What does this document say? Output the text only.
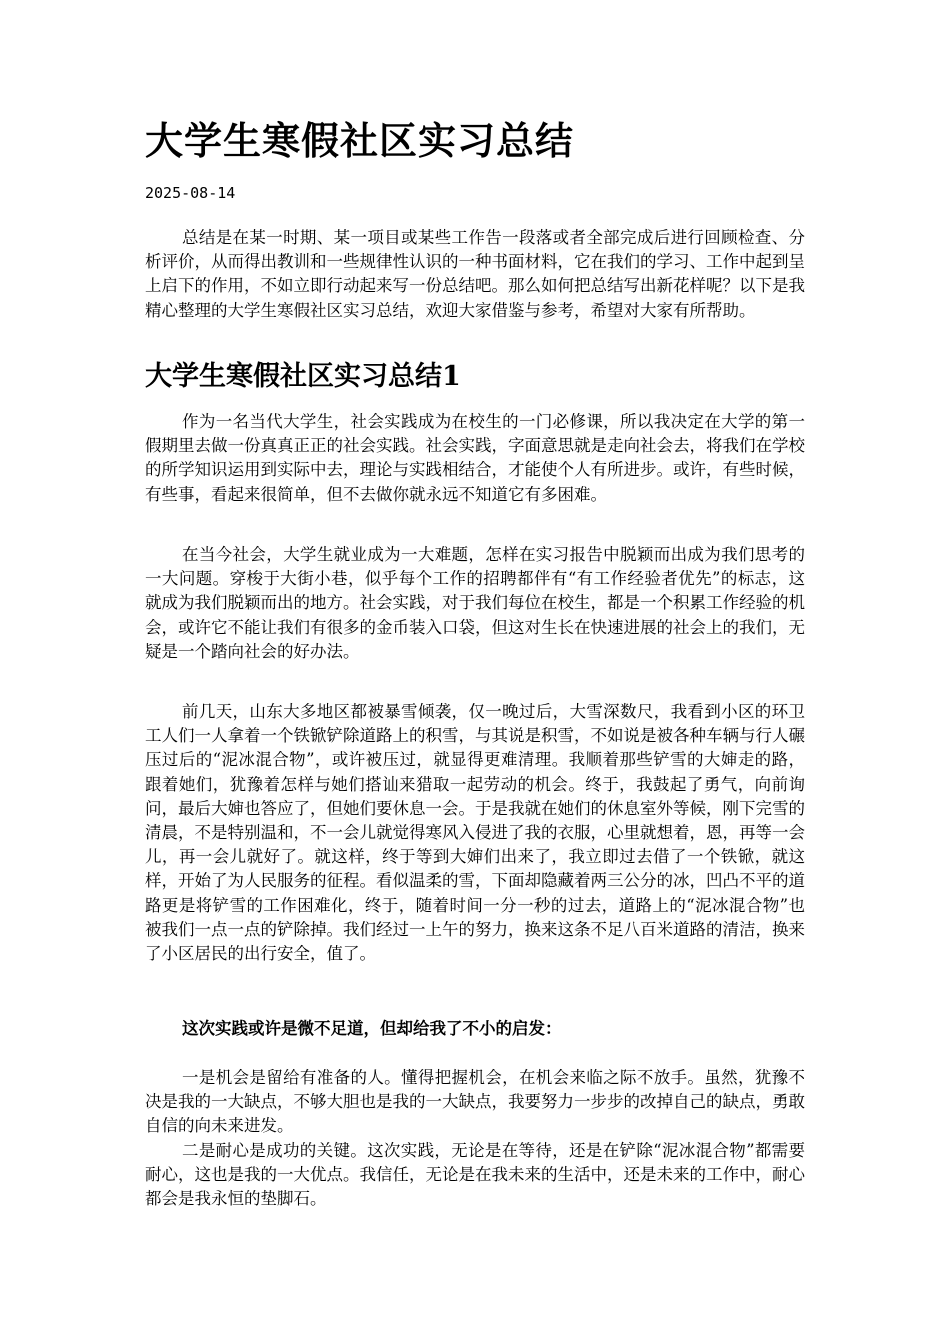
大学生寒假社区实习总结
2025-08-14

总结是在某一时期、某一项目或某些工作告一段落或者全部完成后进行回顾检查、分析评价，从而得出教训和一些规律性认识的一种书面材料，它在我们的学习、工作中起到呈上启下的作用，不如立即行动起来写一份总结吧。那么如何把总结写出新花样呢？以下是我精心整理的大学生寒假社区实习总结，欢迎大家借鉴与参考，希望对大家有所帮助。

大学生寒假社区实习总结1

作为一名当代大学生，社会实践成为在校生的一门必修课，所以我决定在大学的第一假期里去做一份真真正正的社会实践。社会实践，字面意思就是走向社会去，将我们在学校的所学知识运用到实际中去，理论与实践相结合，才能使个人有所进步。或许，有些时候，有些事，看起来很简单，但不去做你就永远不知道它有多困难。

在当今社会，大学生就业成为一大难题，怎样在实习报告中脱颖而出成为我们思考的一大问题。穿梭于大街小巷，似乎每个工作的招聘都伴有“有工作经验者优先”的标志，这就成为我们脱颖而出的地方。社会实践，对于我们每位在校生，都是一个积累工作经验的机会，或许它不能让我们有很多的金币装入口袋，但这对生长在快速进展的社会上的我们，无疑是一个踏向社会的好办法。

前几天，山东大多地区都被暴雪倾袭，仅一晚过后，大雪深数尺，我看到小区的环卫工人们一人拿着一个铁锨铲除道路上的积雪，与其说是积雪，不如说是被各种车辆与行人碾压过后的“泥冰混合物”，或许被压过，就显得更难清理。我顺着那些铲雪的大婶走的路，跟着她们，犹豫着怎样与她们搭讪来猎取一起劳动的机会。终于，我鼓起了勇气，向前询问，最后大婶也答应了，但她们要休息一会。于是我就在她们的休息室外等候，刚下完雪的清晨，不是特别温和，不一会儿就觉得寒风入侵进了我的衣服，心里就想着，恩，再等一会儿，再一会儿就好了。就这样，终于等到大婶们出来了，我立即过去借了一个铁锨，就这样，开始了为人民服务的征程。看似温柔的雪，下面却隐藏着两三公分的冰，凹凸不平的道路更是将铲雪的工作困难化，终于，随着时间一分一秒的过去，道路上的“泥冰混合物”也被我们一点一点的铲除掉。我们经过一上午的努力，换来这条不足八百米道路的清洁，换来了小区居民的出行安全，值了。

这次实践或许是微不足道，但却给我了不小的启发：

一是机会是留给有准备的人。懂得把握机会，在机会来临之际不放手。虽然，犹豫不决是我的一大缺点，不够大胆也是我的一大缺点，我要努力一步步的改掉自己的缺点，勇敢自信的向未来进发。

二是耐心是成功的关键。这次实践，无论是在等待，还是在铲除“泥冰混合物”都需要耐心，这也是我的一大优点。我信任，无论是在我未来的生活中，还是未来的工作中，耐心都会是我永恒的垫脚石。
